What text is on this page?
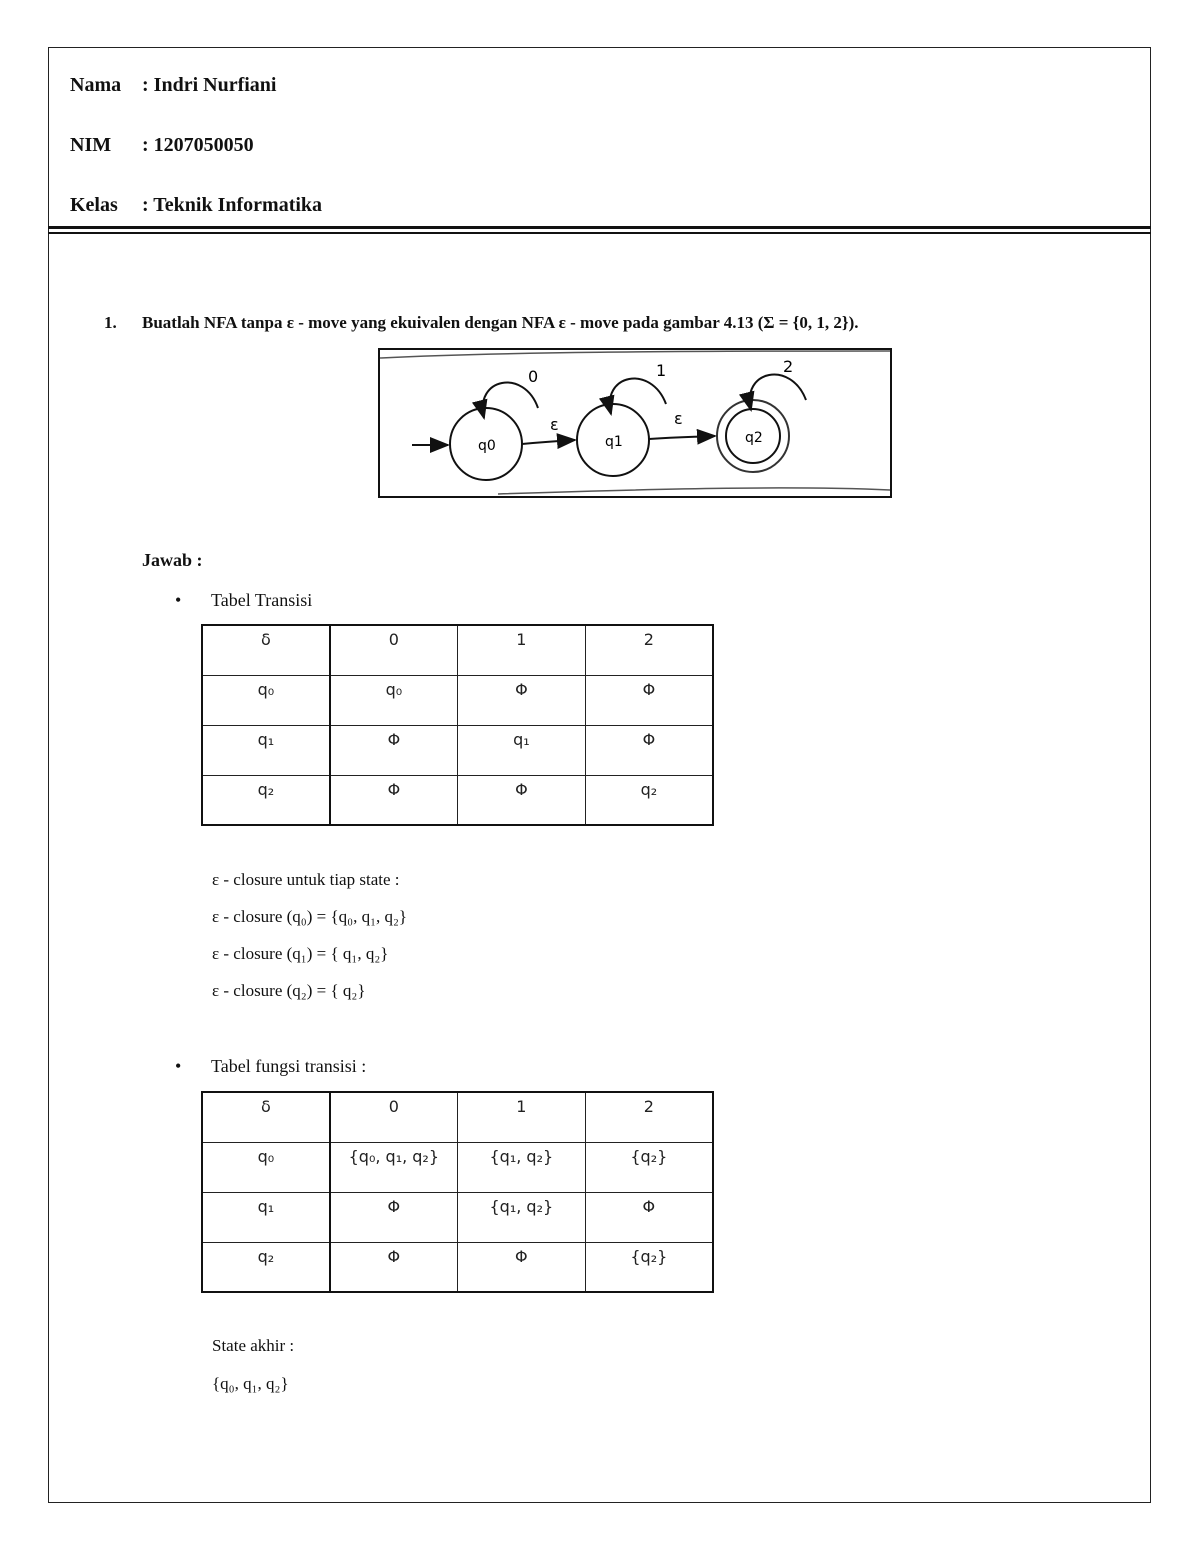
Nama : Indri Nurfiani
NIM : 1207050050
Kelas : Teknik Informatika
1. Buatlah NFA tanpa ε - move yang ekuivalen dengan NFA ε - move pada gambar 4.13 (Σ = {0, 1, 2}).
q0	q1	q2
0	1	2
ε	ε
Jawab :
• Tabel Transisi
δ	0	1	2
q₀	q₀	Φ	Φ
q₁	Φ	q₁	Φ
q₂	Φ	Φ	q₂
ε - closure untuk tiap state :
ε - closure (q₀) = {q₀, q₁, q₂}
ε - closure (q₁) = { q₁, q₂}
ε - closure (q₂) = { q₂}
• Tabel fungsi transisi :
δ	0	1	2
q₀	{q₀, q₁, q₂}	{q₁, q₂}	{q₂}
q₁	Φ	{q₁, q₂}	Φ
q₂	Φ	Φ	{q₂}
State akhir :
{q₀, q₁, q₂}
